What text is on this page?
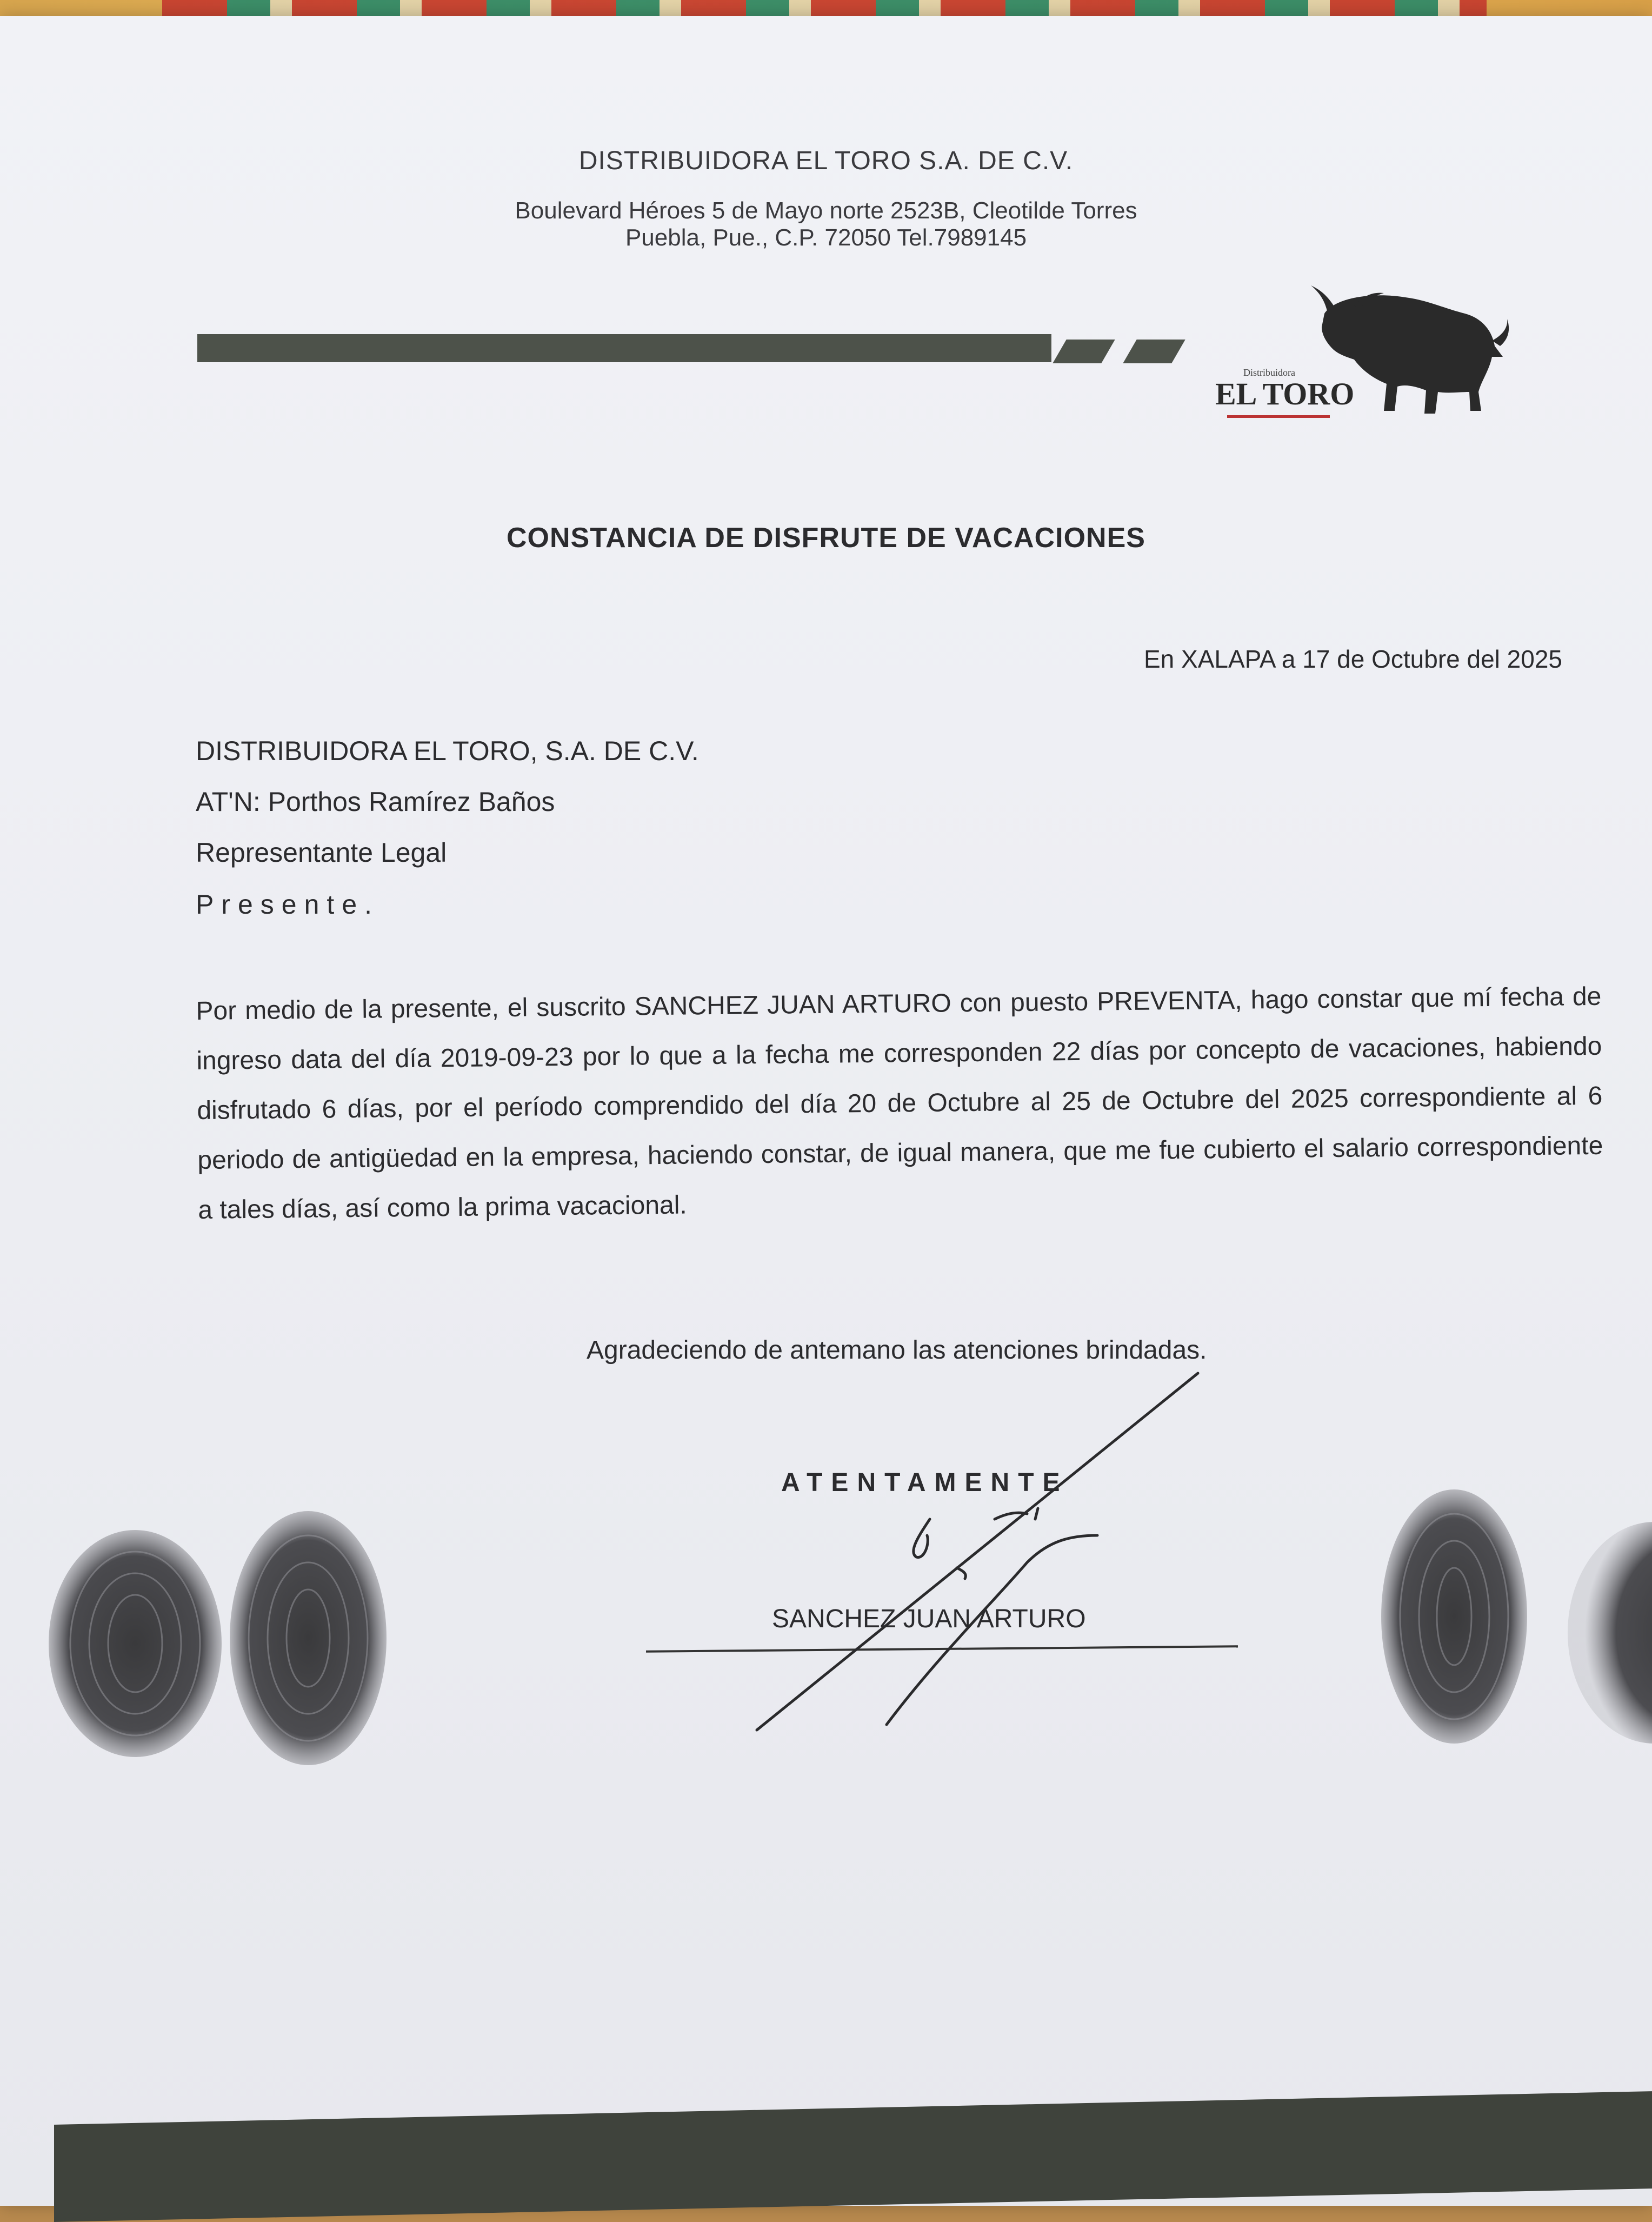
DISTRIBUIDORA EL TORO S.A. DE C.V.
Boulevard Héroes 5 de Mayo norte 2523B, Cleotilde Torres
Puebla, Pue., C.P. 72050 Tel.7989145
Distribuidora
EL TORO
CONSTANCIA DE DISFRUTE DE VACACIONES
En XALAPA a 17 de Octubre del 2025
DISTRIBUIDORA EL TORO, S.A. DE C.V.
AT'N: Porthos Ramírez Baños
Representante Legal
Presente.
Por medio de la presente, el suscrito SANCHEZ JUAN ARTURO con puesto PREVENTA, hago constar que mí fecha de ingreso data del día 2019-09-23 por lo que a la fecha me corresponden 22 días por concepto de vacaciones, habiendo disfrutado 6 días, por el período comprendido del día 20 de Octubre al 25 de Octubre del 2025 correspondiente al 6 periodo de antigüedad en la empresa, haciendo constar, de igual manera, que me fue cubierto el salario correspondiente a tales días, así como la prima vacacional.
Agradeciendo de antemano las atenciones brindadas.
ATENTAMENTE
SANCHEZ JUAN ARTURO
